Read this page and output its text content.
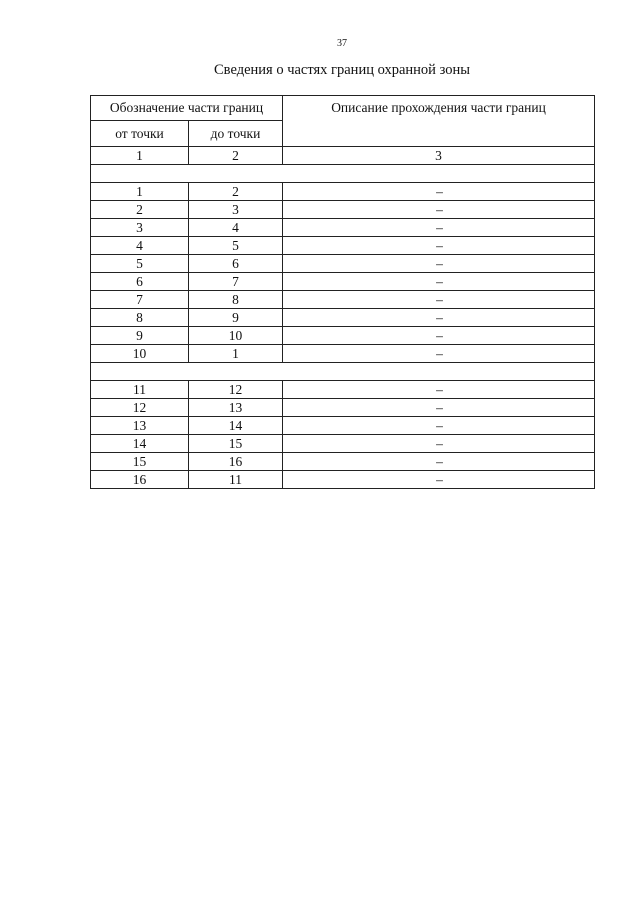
37
Сведения о частях границ охранной зоны
Обозначение части границ		Описание прохождения части границ
от точки	до точки	
1	2	3

1	2	–
2	3	–
3	4	–
4	5	–
5	6	–
6	7	–
7	8	–
8	9	–
9	10	–
10	1	–

11	12	–
12	13	–
13	14	–
14	15	–
15	16	–
16	11	–
